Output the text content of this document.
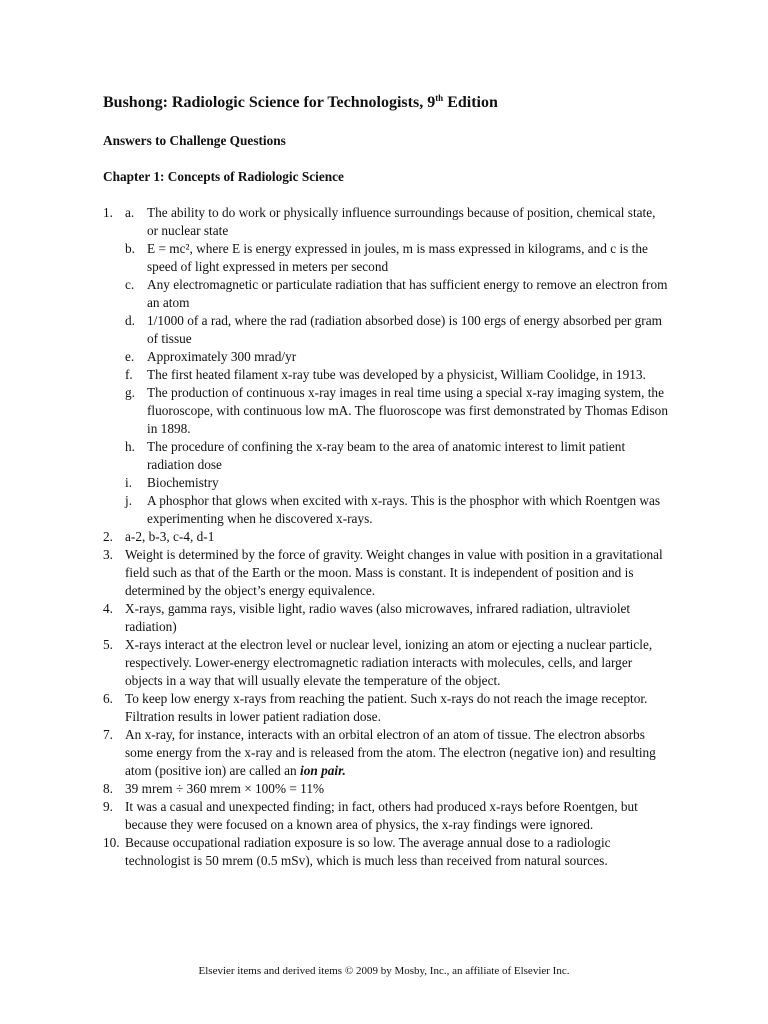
Bushong: Radiologic Science for Technologists, 9th Edition
Answers to Challenge Questions
Chapter 1: Concepts of Radiologic Science
1. a. The ability to do work or physically influence surroundings because of position, chemical state, or nuclear state
b. E = mc², where E is energy expressed in joules, m is mass expressed in kilograms, and c is the speed of light expressed in meters per second
c. Any electromagnetic or particulate radiation that has sufficient energy to remove an electron from an atom
d. 1/1000 of a rad, where the rad (radiation absorbed dose) is 100 ergs of energy absorbed per gram of tissue
e. Approximately 300 mrad/yr
f.	The first heated filament x-ray tube was developed by a physicist, William Coolidge, in 1913.
g. The production of continuous x-ray images in real time using a special x-ray imaging system, the fluoroscope, with continuous low mA. The fluoroscope was first demonstrated by Thomas Edison in 1898.
h. The procedure of confining the x-ray beam to the area of anatomic interest to limit patient radiation dose
i.	Biochemistry
j.	A phosphor that glows when excited with x-rays. This is the phosphor with which Roentgen was experimenting when he discovered x-rays.
2. a-2, b-3, c-4, d-1
3. Weight is determined by the force of gravity. Weight changes in value with position in a gravitational field such as that of the Earth or the moon. Mass is constant. It is independent of position and is determined by the object’s energy equivalence.
4. X-rays, gamma rays, visible light, radio waves (also microwaves, infrared radiation, ultraviolet radiation)
5. X-rays interact at the electron level or nuclear level, ionizing an atom or ejecting a nuclear particle, respectively. Lower-energy electromagnetic radiation interacts with molecules, cells, and larger objects in a way that will usually elevate the temperature of the object.
6. To keep low energy x-rays from reaching the patient. Such x-rays do not reach the image receptor. Filtration results in lower patient radiation dose.
7. An x-ray, for instance, interacts with an orbital electron of an atom of tissue. The electron absorbs some energy from the x-ray and is released from the atom. The electron (negative ion) and resulting atom (positive ion) are called an ion pair.
8. 39 mrem ÷ 360 mrem × 100% = 11%
9. It was a casual and unexpected finding; in fact, others had produced x-rays before Roentgen, but because they were focused on a known area of physics, the x-ray findings were ignored.
10. Because occupational radiation exposure is so low. The average annual dose to a radiologic technologist is 50 mrem (0.5 mSv), which is much less than received from natural sources.
Elsevier items and derived items © 2009 by Mosby, Inc., an affiliate of Elsevier Inc.
